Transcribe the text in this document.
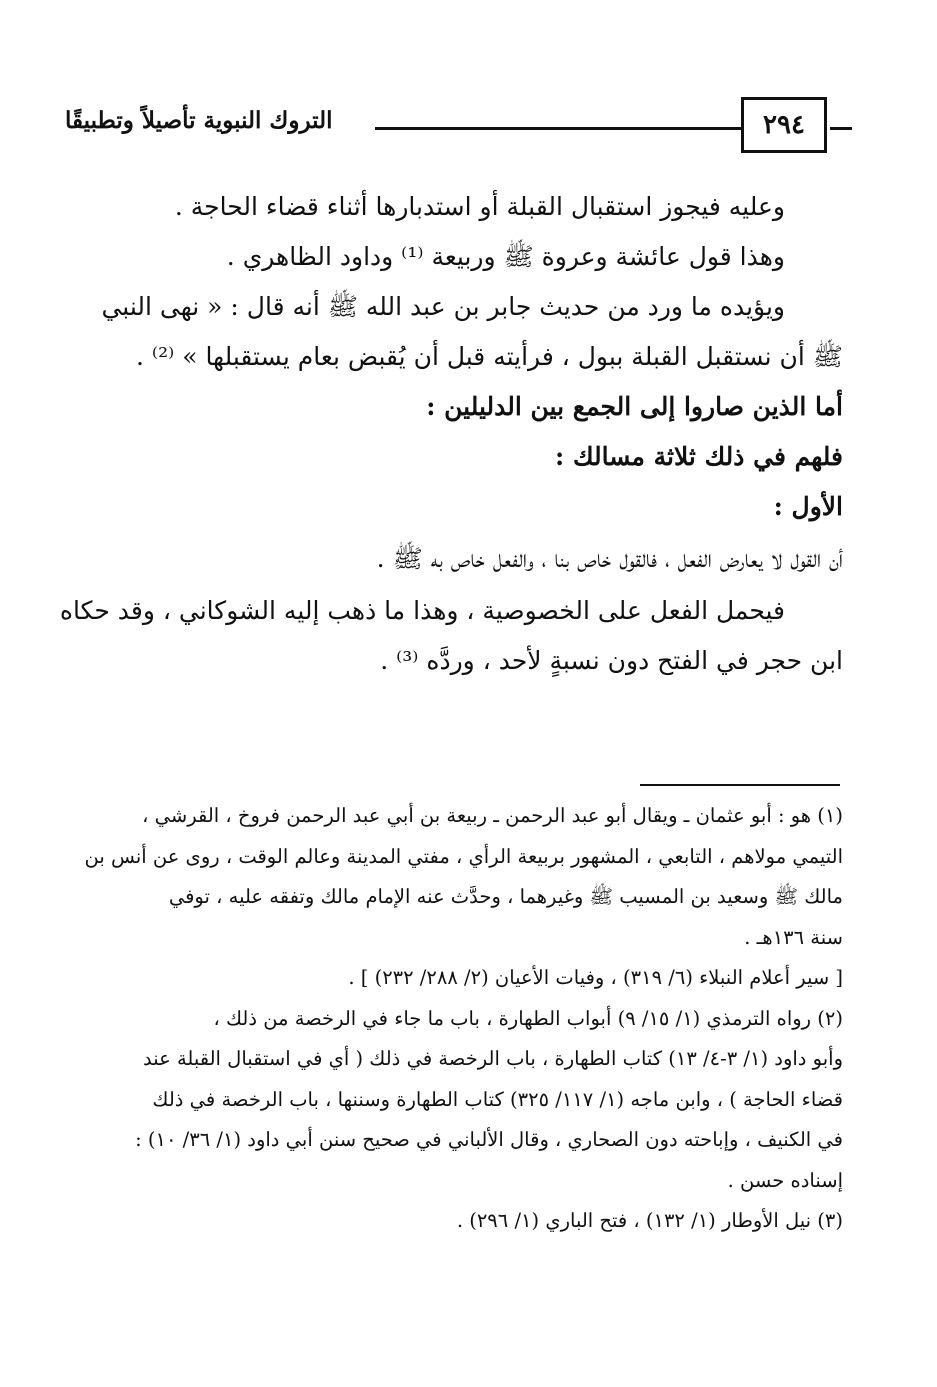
التروك النبوية تأصيلاً وتطبيقًا	٢٩٤
وعليه فيجوز استقبال القبلة أو استدبارها أثناء قضاء الحاجة .
وهذا قول عائشة وعروة ﷺ وربيعة ⁽¹⁾ وداود الظاهري .
ويؤيده ما ورد من حديث جابر بن عبد الله ﷺ أنه قال : « نهى النبي
ﷺ أن نستقبل القبلة ببول ، فرأيته قبل أن يُقبض بعام يستقبلها » ⁽²⁾ .
أما الذين صاروا إلى الجمع بين الدليلين :
فلهم في ذلك ثلاثة مسالك :
الأول :
أن القول لا يعارض الفعل ، فالقول خاص بنا ، والفعل خاص به ﷺ .
فيحمل الفعل على الخصوصية ، وهذا ما ذهب إليه الشوكاني ، وقد حكاه
ابن حجر في الفتح دون نسبةٍ لأحد ، وردَّه ⁽³⁾ .
(١) هو : أبو عثمان ـ ويقال أبو عبد الرحمن ـ ربيعة بن أبي عبد الرحمن فروخ ، القرشي ،
التيمي مولاهم ، التابعي ، المشهور بربيعة الرأي ، مفتي المدينة وعالم الوقت ، روى عن أنس بن
مالك ﷺ وسعيد بن المسيب ﷺ وغيرهما ، وحدَّث عنه الإمام مالك وتفقه عليه ، توفي
سنة ١٣٦هـ .
[ سير أعلام النبلاء (٦/ ٣١٩) ، وفيات الأعيان (٢/ ٢٨٨/ ٢٣٢) ] .
(٢) رواه الترمذي (١/ ١٥/ ٩) أبواب الطهارة ، باب ما جاء في الرخصة من ذلك ،
وأبو داود (١/ ٣-٤/ ١٣) كتاب الطهارة ، باب الرخصة في ذلك ( أي في استقبال القبلة عند
قضاء الحاجة ) ، وابن ماجه (١/ ١١٧/ ٣٢٥) كتاب الطهارة وسننها ، باب الرخصة في ذلك
في الكنيف ، وإباحته دون الصحاري ، وقال الألباني في صحيح سنن أبي داود (١/ ٣٦/ ١٠) :
إسناده حسن .
(٣) نيل الأوطار (١/ ١٣٢) ، فتح الباري (١/ ٢٩٦) .
